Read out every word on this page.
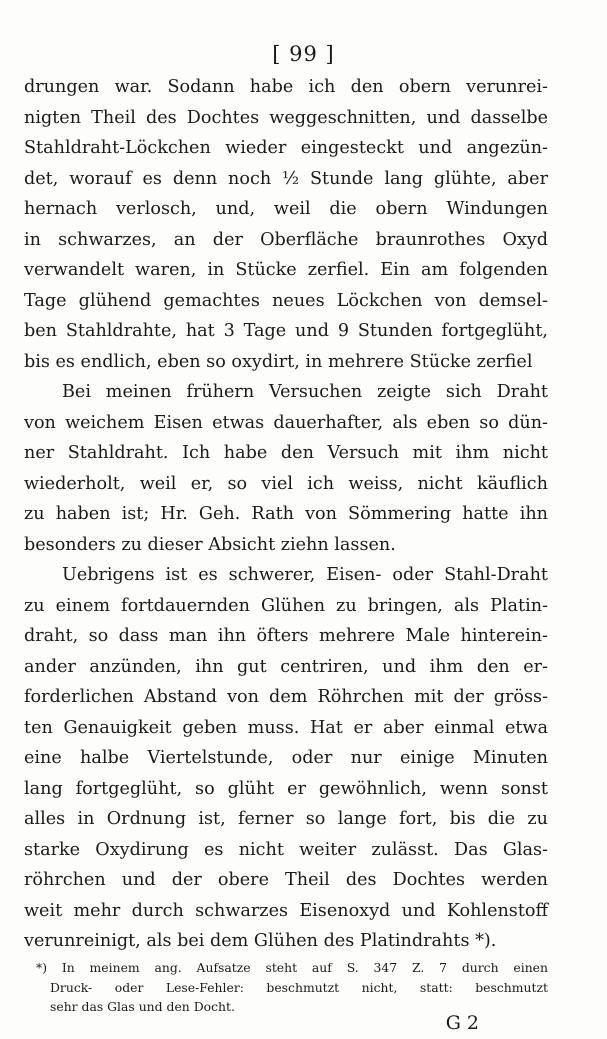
[ 99 ]
drungen war. Sodann habe ich den obern verunrei-
nigten Theil des Dochtes weggeschnitten, und dasselbe
Stahldraht-Löckchen wieder eingesteckt und angezün-
det, worauf es denn noch ½ Stunde lang glühte, aber
hernach verlosch, und, weil die obern Windungen
in schwarzes, an der Oberfläche braunrothes Oxyd
verwandelt waren, in Stücke zerfiel. Ein am folgenden
Tage glühend gemachtes neues Löckchen von demsel-
ben Stahldrahte, hat 3 Tage und 9 Stunden fortgeglüht,
bis es endlich, eben so oxydirt, in mehrere Stücke zerfiel
Bei meinen frühern Versuchen zeigte sich Draht
von weichem Eisen etwas dauerhafter, als eben so dün-
ner Stahldraht. Ich habe den Versuch mit ihm nicht
wiederholt, weil er, so viel ich weiss, nicht käuflich
zu haben ist; Hr. Geh. Rath von Sömmering hatte ihn
besonders zu dieser Absicht ziehn lassen.
Uebrigens ist es schwerer, Eisen- oder Stahl-Draht
zu einem fortdauernden Glühen zu bringen, als Platin-
draht, so dass man ihn öfters mehrere Male hinterein-
ander anzünden, ihn gut centriren, und ihm den er-
forderlichen Abstand von dem Röhrchen mit der gröss-
ten Genauigkeit geben muss. Hat er aber einmal etwa
eine halbe Viertelstunde, oder nur einige Minuten
lang fortgeglüht, so glüht er gewöhnlich, wenn sonst
alles in Ordnung ist, ferner so lange fort, bis die zu
starke Oxydirung es nicht weiter zulässt. Das Glas-
röhrchen und der obere Theil des Dochtes werden
weit mehr durch schwarzes Eisenoxyd und Kohlenstoff
verunreinigt, als bei dem Glühen des Platindrahts *).
*) In meinem ang. Aufsatze steht auf S. 347 Z. 7 durch einen
Druck- oder Lese-Fehler: beschmutzt nicht, statt: beschmutzt
sehr das Glas und den Docht.
G 2
